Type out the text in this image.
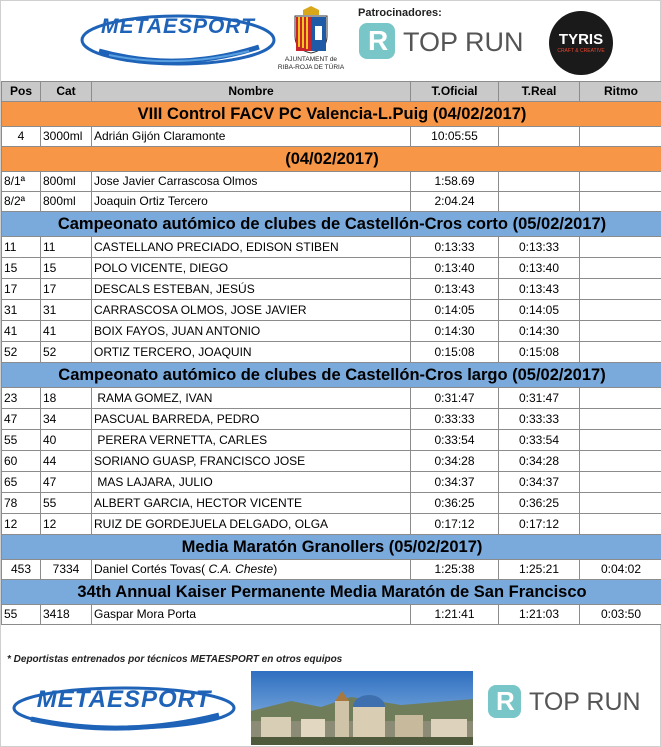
METAESPORT
AJUNTAMENT de
RIBA-ROJA DE TÚRIA
Patrocinadores:
R TOP RUN	TYRIS
CRAFT & CREATIVE
Pos	Cat	Nombre	T.Oficial	T.Real	Ritmo
VIII Control FACV PC Valencia-L.Puig (04/02/2017)					
4	3000ml	Adrián Gijón Claramonte	10:05:55		
(04/02/2017)					
8/1ª	800ml	Jose Javier Carrascosa Olmos	1:58.69		
8/2ª	800ml	Joaquin Ortiz Tercero	2:04.24		
Campeonato autómico de clubes de Castellón-Cros corto (05/02/2017)					
11	11	CASTELLANO PRECIADO, EDISON STIBEN	0:13:33	0:13:33	
15	15	POLO VICENTE, DIEGO	0:13:40	0:13:40	
17	17	DESCALS ESTEBAN, JESÚS	0:13:43	0:13:43	
31	31	CARRASCOSA OLMOS, JOSE JAVIER	0:14:05	0:14:05	
41	41	BOIX FAYOS, JUAN ANTONIO	0:14:30	0:14:30	
52	52	ORTIZ TERCERO, JOAQUIN	0:15:08	0:15:08	
Campeonato autómico de clubes de Castellón-Cros largo (05/02/2017)					
23	18	RAMA GOMEZ, IVAN	0:31:47	0:31:47	
47	34	PASCUAL BARREDA, PEDRO	0:33:33	0:33:33	
55	40	PERERA VERNETTA, CARLES	0:33:54	0:33:54	
60	44	SORIANO GUASP, FRANCISCO JOSE	0:34:28	0:34:28	
65	47	MAS LAJARA, JULIO	0:34:37	0:34:37	
78	55	ALBERT GARCIA, HECTOR VICENTE	0:36:25	0:36:25	
12	12	RUIZ DE GORDEJUELA DELGADO, OLGA	0:17:12	0:17:12	
Media Maratón Granollers (05/02/2017)					
453	7334	Daniel Cortés Tovas( C.A. Cheste)	1:25:38	1:25:21	0:04:02
34th Annual Kaiser Permanente Media Maratón de San Francisco					
55	3418	Gaspar Mora Porta	1:21:41	1:21:03	0:03:50
* Deportistas entrenados por técnicos METAESPORT en otros equipos
METAESPORT	R TOP RUN
